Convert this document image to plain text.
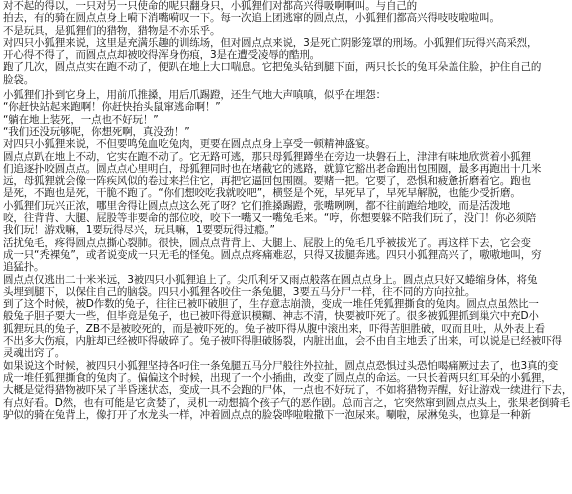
对不起的得以，一只对另一只使命的呢只翻身只，小狐狸们对都高兴得吸啊啊叫。与自己的
拍去，有的骑在圆点点身上嗬下消嘴嗬叹一下。每一次追上团逃窜的圆点点，小狐狸们都高兴得吱吱啦啦叫。
不是玩具，是狐狸们的猎物，猎物是不亦乐乎。
对四只小狐狸来说，这里是充满乐趣的训练场，但对圆点点来说，3是死亡阴影笼罩的刑场。小狐狸们玩得兴高采烈，
开心得不得了，而圆点点却被咬得浑身伤痕，3是在遭受凌辱的酷刑。
跑了几次，圆点点实在跑不动了，便趴在地上大口喘息。它把兔头钻到腿下面，两只长长的兔耳朵盖住脸，护住自己的
脸袋。
小狐狸们扑到它身上，用前爪推搡，用后爪踢蹬，还生气地大声嗔嗔，似乎在埋怨：
“你赶快站起来跑啊！你赶快抬头鼠窜逃命啊！”
“躺在地上装死，一点也不好玩！”
“我们还没玩够呢，你想死啊，真没劲！”
对四只小狐狸来说，不但要鸣兔血吃兔肉，更要在圆点点身上享受一顿精神盛宴。
圆点点趴在地上不动，它实在跑不动了。它无路可逃，那只母狐狸蹲坐在旁边一块磐石上，津津有味地欣赏着小狐狸
们追逐扑咬圆点点。圆点点心里明白，母狐狸同时也在堵截它的逃路，就算它豁出老命跑出包围圈，最多再跑出十几米
远，母狐狸就会像一阵疾风似的卷过来拦住它，再把它逼回包围圈。要赌一把。它要了，恐惧和疲惫折磨着它。跑也
是死，不跑也是死，干脆不跑了。“你们想咬吃我就咬吧”，横竖是个死，早死早了，早死早解脱，也能少受折磨。
小狐狸们玩兴正浓，哪里舍得让圆点点这么死了呀？它们推搡踢蹬，张嘴咧咧，都不往前跑给地咬，而是活泼地
咬，往背背、大腿、屁股等非要命的部位咬，咬下一嘴又一嘴兔毛来。“哼，你想要躲不陪我们玩了，没门！你必须陪
我们玩！游戏嘛，1要玩得尽兴，玩具嘛，1要要玩得过瘾。”
活扰兔毛，疼得圆点点撕心裂肺。很快，圆点点背背上、大腿上、屁股上的兔毛几乎被拔光了。再这样下去，它会变
成一只“秃裸兔”，或者说变成一只无毛的怪兔。圆点点疼痛难忍，只得又拔腿奔逃。四只小狐狸高兴了，嗷嗷地叫，穷
追猛扑。
圆点点仅逃出二十米米远，3被四只小狐狸追上了。尖爪利牙又雨点般落在圆点点身上。圆点点只好又蜷缩身体，将兔
头埋到腿下，以保住自己的脑袋。四只小狐狸各咬住一条兔腿，3要五马分尸一样，往不同的方向拉扯。
到了这个时候，被D作数的兔子，往往已被吓破胆了，生存意志崩溃，变成一堆任凭狐狸撕食的兔肉。圆点点虽然比一
般兔子胆子要大一些，但毕竟是兔子，也已被吓得意识模糊、神志不清，快要被吓死了。很多被狐狸抓到巢穴中充D小
狐狸玩具的兔子，ZB不是被咬死的，而是被吓死的。兔子被吓得从腹中滚出来，吓得苦胆胜破，叹而且吐，从外表上看
不出多大伤痕，内脏却已经被吓得破碎了。兔子被吓得胆破肠裂，内脏出血，会不由自主地丢了出来，可以说是已经被吓得
灵魂出窍了。
如果说这个时候，被四只小狐狸坚持各叼住一条兔腿五马分尸般往外拉扯，圆点点恐惧过头恐怕喝痛厥过去了，也3真的变
成一堆任狐狸撕食的兔肉了。偏偏这个时候，出现了一个小插曲，改变了圆点点的命运。一只长着两只红耳朵的小狐狸，
大概是觉得猎物被吓呆了半昏迷状态，变成一具不会跑的尸体，一点也不好玩了，不如将猎物弄醒，好让游戏一续进行下去，
有点好看。D然，也有可能是它贪婪了，灵机一动想搞个孩子气的恶作剧。总而言之，它突然窜到圆点点头上，张果老倒骑毛
驴似的骑在兔背上，像打开了水龙头一样，冲着圆点点的脸袋哗啦啦撒下一泡尿来。唰啦，尿淋兔头，也算是一种新
